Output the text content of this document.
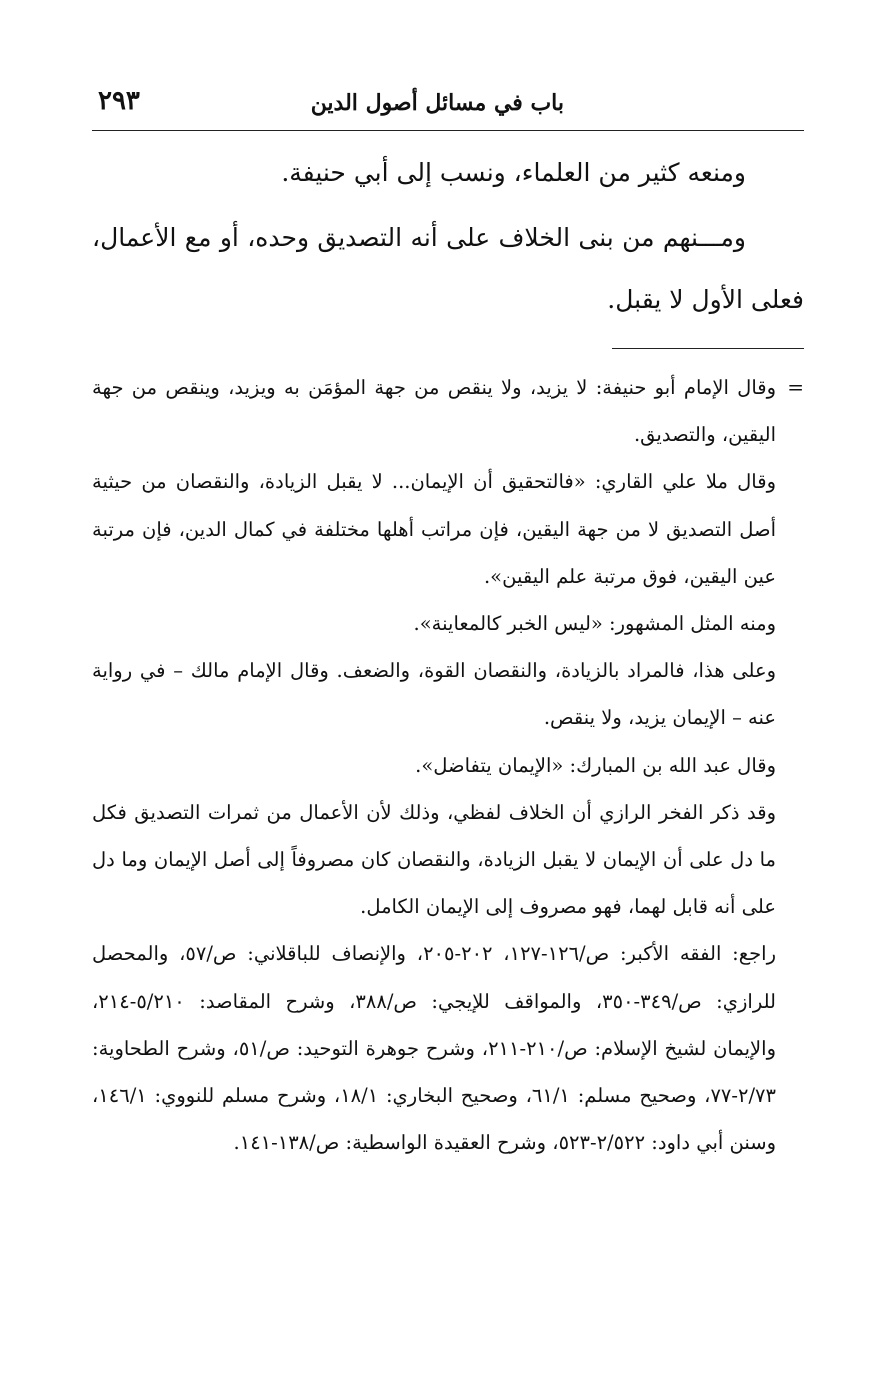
باب في مسائل أصول الدين
٢٩٣

ومنعه كثير من العلماء، ونسب إلى أبي حنيفة.

ومـــنهم من بنى الخلاف على أنه التصديق وحده، أو مع الأعمال، فعلى الأول لا يقبل.

=
وقال الإمام أبو حنيفة: لا يزيد، ولا ينقص من جهة المؤمَن به ويزيد، وينقص من جهة اليقين، والتصديق.

وقال ملا علي القاري: «فالتحقيق أن الإيمان... لا يقبل الزيادة، والنقصان من حيثية أصل التصديق لا من جهة اليقين، فإن مراتب أهلها مختلفة في كمال الدين، فإن مرتبة عين اليقين، فوق مرتبة علم اليقين».

ومنه المثل المشهور: «ليس الخبر كالمعاينة».

وعلى هذا، فالمراد بالزيادة، والنقصان القوة، والضعف. وقال الإمام مالك – في رواية عنه – الإيمان يزيد، ولا ينقص.

وقال عبد الله بن المبارك: «الإيمان يتفاضل».

وقد ذكر الفخر الرازي أن الخلاف لفظي، وذلك لأن الأعمال من ثمرات التصديق فكل ما دل على أن الإيمان لا يقبل الزيادة، والنقصان كان مصروفاً إلى أصل الإيمان وما دل على أنه قابل لهما، فهو مصروف إلى الإيمان الكامل.

راجع: الفقه الأكبر: ص/١٢٦-١٢٧، ٢٠٢-٢٠٥، والإنصاف للباقلاني: ص/٥٧، والمحصل للرازي: ص/٣٤٩-٣٥٠، والمواقف للإيجي: ص/٣٨٨، وشرح المقاصد: ٥/٢١٠-٢١٤، والإيمان لشيخ الإسلام: ص/٢١٠-٢١١، وشرح جوهرة التوحيد: ص/٥١، وشرح الطحاوية: ٢/٧٣-٧٧، وصحيح مسلم: ٦١/١، وصحيح البخاري: ١٨/١، وشرح مسلم للنووي: ١٤٦/١، وسنن أبي داود: ٢/٥٢٢-٥٢٣، وشرح العقيدة الواسطية: ص/١٣٨-١٤١.
